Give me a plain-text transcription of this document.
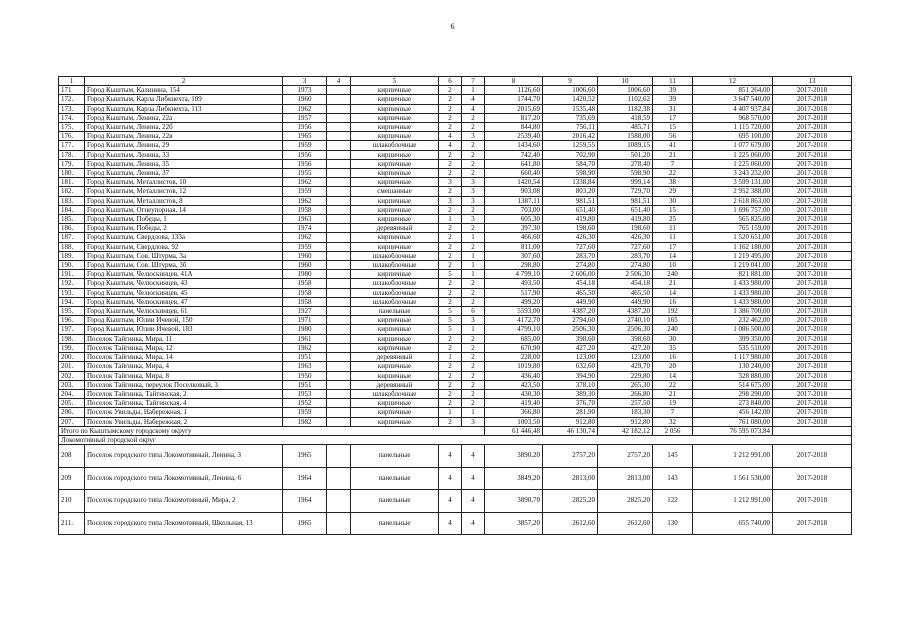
6
1	2	3	4	5	6	7	8	9	10	11	12	13
171	Город Кыштым, Калинина, 154	1973		кирпичные	2	1	1126,60	1006,60	1006,60	39	851 264,00	2017-2018
172.	Город Кыштым, Карла Либкнехта, 109	1960		кирпичные	2	4	1744,70	1420,52	1102,62	39	3 647 540,00	2017-2018
173.	Город Кыштым, Карла Либкнехта, 113	1962		кирпичные	2	4	2015,69	1535,48	1182,38	31	4 407 937,84	2017-2018
174.	Город Кыштым, Ленина, 22а	1957		кирпичные	2	2	817,20	735,69	418,59	17	968 570,00	2017-2018
175.	Город Кыштым, Ленина, 22б	1956		кирпичные	2	2	844,80	756,11	485,71	15	1 115 720,00	2017-2018
176.	Город Кыштым, Ленина, 22в	1965		кирпичные	4	3	2539,40	2016,42	1588,00	56	695 100,00	2017-2018
177.	Город Кыштым, Ленина, 29	1959		шлакоблочные	4	2	1434,60	1259,55	1089,15	41	1 077 679,00	2017-2018
178.	Город Кыштым, Ленина, 33	1956		кирпичные	2	2	742,40	702,90	501,20	21	1 225 060,00	2017-2018
179.	Город Кыштым, Ленина, 35	1956		кирпичные	2	2	641,80	584,70	278,40	7	1 225 060,00	2017-2018
180.	Город Кыштым, Ленина, 37	1955		кирпичные	2	2	660,40	598,90	598,90	22	3 243 252,00	2017-2018
181.	Город Кыштым, Металлистов, 10	1962		кирпичные	3	3	1420,54	1338,84	999,14	38	3 599 131,00	2017-2018
182.	Город Кыштым, Металлистов, 12	1959		смешанные	2	3	903,08	803,20	729,70	29	2 952 388,00	2017-2018
183.	Город Кыштым, Металлистов, 8	1962		кирпичные	3	3	1387,11	981,51	981,51	30	2 618 863,00	2017-2018
184.	Город Кыштым, Огнеупорная, 14	1958		кирпичные	2	2	703,00	651,40	651,40	15	1 696 757,00	2017-2018
185.	Город Кыштым, Победы, 1	1963		кирпичные	1	3	605,30	419,80	419,80	25	565 825,00	2017-2018
186.	Город Кыштым, Победы, 2	1974		деревянный	2	2	397,30	198,60	198,60	11	765 159,00	2017-2018
187.	Город Кыштым, Свердлова, 133а	1962		кирпичные	2	1	466,60	426,30	426,30	11	1 520 651,00	2017-2018
188.	Город Кыштым, Свердлова, 92	1959		кирпичные	2	2	811,00	727,60	727,60	17	1 162 180,00	2017-2018
189.	Город Кыштым, Сов. Штурма, 3а	1960		шлакоблочные	2	1	307,60	283,70	283,70	14	1 219 495,00	2017-2018
190.	Город Кыштым, Сов. Штурма, 3б	1960		шлакоблочные	2	1	298,80	274,80	274,80	10	1 219 041,00	2017-2018
191.	Город Кыштым, Челюскинцев, 41А	1980		кирпичные	5	1	4 799,10	2 606,00	2 506,30	240	821 881,00	2017-2018
192.	Город Кыштым, Челюскинцев, 43	1958		шлакоблочные	2	2	493,50	454,18	454,18	21	1 433 980,00	2017-2018
193.	Город Кыштым, Челюскинцев, 45	1958		шлакоблочные	2	2	517,90	465,50	465,50	14	1 433 980,00	2017-2018
194.	Город Кыштым, Челюскинцев, 47	1958		шлакоблочные	2	2	499,20	449,90	449,90	16	1 433 980,00	2017-2018
195.	Город Кыштым, Челюскинцев, 61	1927		панельные	5	6	5593,00	4387,20	4387,20	192	1 386 700,00	2017-2018
196.	Город Кыштым, Юлии Ичевой, 150	1971		кирпичные	5	3	4172,70	2794,60	2740,10	165	232 462,00	2017-2018
197.	Город Кыштым, Юлии Ичевой, 183	1980		кирпичные	5	1	4799,10	2506,30	2506,30	240	1 086 500,00	2017-2018
198.	Поселок Тайгинка, Мира, 11	1961		кирпичные	2	2	685,00	398,60	398,60	30	399 350,00	2017-2018
199.	Поселок Тайгинка, Мира, 12	1962		кирпичные	2	2	670,90	427,20	427,20	35	535 510,00	2017-2018
200.	Поселок Тайгинка, Мира, 14	1951		деревянный	1	2	228,00	123,00	123,00	16	1 117 980,00	2017-2018
201.	Поселок Тайгинка, Мира, 4	1963		кирпичные	2	2	1019,80	632,60	429,70	20	130 240,00	2017-2018
202.	Поселок Тайгинка, Мира, 8	1950		кирпичные	2	2	436,40	394,90	229,80	14	328 880,00	2017-2018
203.	Поселок Тайгинка, переулок Поселковый, 3	1951		деревянный	2	2	423,50	378,10	265,30	22	514 675,00	2017-2018
204.	Поселок Тайгинка, Тайгинская, 2	1953		шлакоблочные	2	2	430,30	389,30	266,80	21	298 290,00	2017-2018
205.	Поселок Тайгинка, Тайгинская, 4	1952		кирпичные	2	2	419,40	376,70	257,50	19	273 840,00	2017-2018
206.	Поселок Увильды, Набережная, 1	1959		кирпичные	1	1	366,80	281,90	183,30	7	456 142,00	2017-2018
207.	Поселок Увильды, Набережная, 2	1982		кирпичные	2	3	1003,50	912,80	912,80	32	761 080,00	2017-2018
Итого по Кыштымскому городскому округу							61 446,48	46 130,74	42 182,12	2 056	76 595 073,84	
Локомотивный городской округ												
208	Поселок городского типа Локомотивный, Ленина, 3	1965		панельные	4	4	3890,20	2757,20	2757,20	145	1 212 991,00	2017-2018
209	Поселок городского типа Локомотивный, Ленина, 6	1964		панельные	4	4	3849,20	2813,00	2813,00	143	1 561 530,00	2017-2018
210	Поселок городского типа Локомотивный, Мира, 2	1964		панельные	4	4	3890,70	2825,20	2825,20	122	1 212 991,00	2017-2018
211.	Поселок городского типа Локомотивный, Школьная, 13	1965		панельные	4	4	3857,20	2612,60	2612,60	130	655 740,00	2017-2018
